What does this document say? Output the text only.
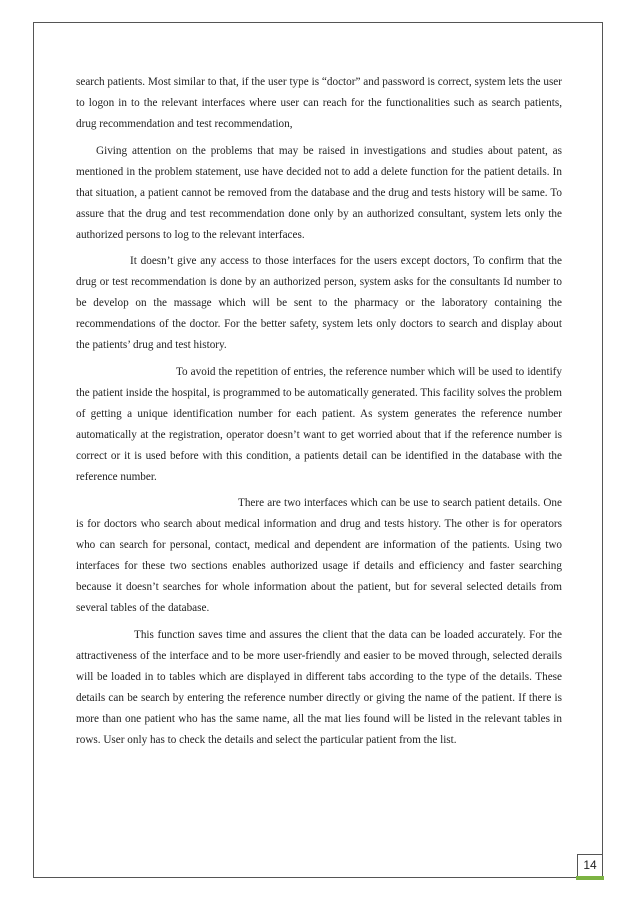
search patients. Most similar to that, if the user type is “doctor” and password is correct, system lets the user to logon in to the relevant interfaces where user can reach for the functionalities such as search patients, drug recommendation and test recommendation,

Giving attention on the problems that may be raised in investigations and studies about patent, as mentioned in the problem statement, use have decided not to add a delete function for the patient details. In that situation, a patient cannot be removed from the database and the drug and tests history will be same. To assure that the drug and test recommendation done only by an authorized consultant, system lets only the authorized persons to log to the relevant interfaces.

It doesn’t give any access to those interfaces for the users except doctors, To confirm that the drug or test recommendation is done by an authorized person, system asks for the consultants Id number to be develop on the massage which will be sent to the pharmacy or the laboratory containing the recommendations of the doctor. For the better safety, system lets only doctors to search and display about the patients’ drug and test history.

To avoid the repetition of entries, the reference number which will be used to identify the patient inside the hospital, is programmed to be automatically generated. This facility solves the problem of getting a unique identification number for each patient. As system generates the reference number automatically at the registration, operator doesn’t want to get worried about that if the reference number is correct or it is used before with this condition, a patients detail can be identified in the database with the reference number.

There are two interfaces which can be use to search patient details. One is for doctors who search about medical information and drug and tests history. The other is for operators who can search for personal, contact, medical and dependent are information of the patients. Using two interfaces for these two sections enables authorized usage if details and efficiency and faster searching because it doesn’t searches for whole information about the patient, but for several selected details from several tables of the database.

This function saves time and assures the client that the data can be loaded accurately. For the attractiveness of the interface and to be more user-friendly and easier to be moved through, selected derails will be loaded in to tables which are displayed in different tabs according to the type of the details. These details can be search by entering the reference number directly or giving the name of the patient. If there is more than one patient who has the same name, all the mat lies found will be listed in the relevant tables in rows. User only has to check the details and select the particular patient from the list.

14
